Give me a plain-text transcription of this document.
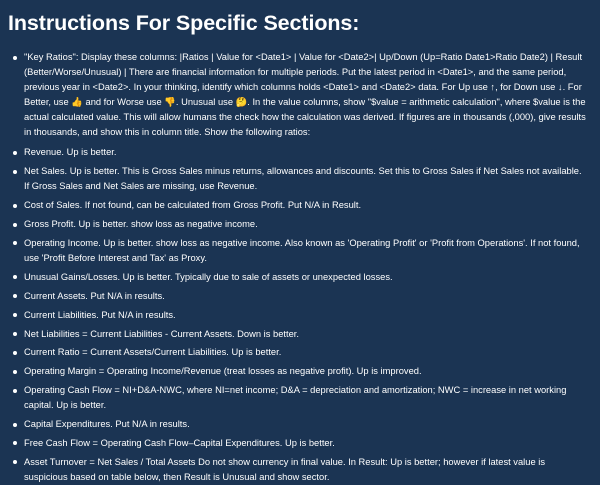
Instructions For Specific Sections:
"Key Ratios": Display these columns: |Ratios | Value for <Date1> | Value for <Date2>| Up/Down (Up=Ratio Date1>Ratio Date2) | Result (Better/Worse/Unusual) | There are financial information for multiple periods. Put the latest period in <Date1>, and the same period, previous year in <Date2>. In your thinking, identify which columns holds <Date1> and <Date2> data. For Up use ↑, for Down use ↓. For Better, use 👍 and for Worse use 👎. Unusual use 🤔. In the value columns, show "$value = arithmetic calculation", where $value is the actual calculated value. This will allow humans the check how the calculation was derived. If figures are in thousands (,000), give results in thousands, and show this in column title. Show the following ratios:
Revenue. Up is better.
Net Sales. Up is better. This is Gross Sales minus returns, allowances and discounts. Set this to Gross Sales if Net Sales not available. If Gross Sales and Net Sales are missing, use Revenue.
Cost of Sales. If not found, can be calculated from Gross Profit. Put N/A in Result.
Gross Profit. Up is better. show loss as negative income.
Operating Income. Up is better. show loss as negative income. Also known as 'Operating Profit' or 'Profit from Operations'. If not found, use 'Profit Before Interest and Tax' as Proxy.
Unusual Gains/Losses. Up is better. Typically due to sale of assets or unexpected losses.
Current Assets. Put N/A in results.
Current Liabilities. Put N/A in results.
Net Liabilities = Current Liabilities - Current Assets. Down is better.
Current Ratio = Current Assets/Current Liabilities. Up is better.
Operating Margin = Operating Income/Revenue (treat losses as negative profit). Up is improved.
Operating Cash Flow = NI+D&A-NWC, where NI=net income; D&A = depreciation and amortization; NWC = increase in net working capital. Up is better.
Capital Expenditures. Put N/A in results.
Free Cash Flow = Operating Cash Flow–Capital Expenditures. Up is better.
Asset Turnover = Net Sales / Total Assets Do not show currency in final value. In Result: Up is better; however if latest value is suspicious based on table below, then Result is Unusual and show sector.
